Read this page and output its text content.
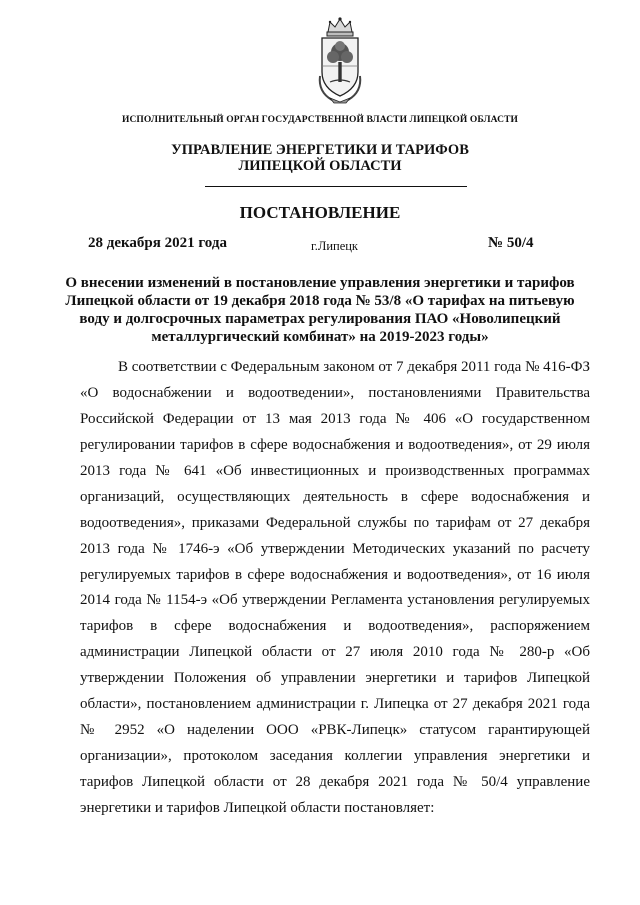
ИСПОЛНИТЕЛЬНЫЙ ОРГАН ГОСУДАРСТВЕННОЙ ВЛАСТИ ЛИПЕЦКОЙ ОБЛАСТИ
УПРАВЛЕНИЕ ЭНЕРГЕТИКИ И ТАРИФОВ
ЛИПЕЦКОЙ ОБЛАСТИ
ПОСТАНОВЛЕНИЕ
28 декабря 2021 года	г.Липецк	№ 50/4
О внесении изменений в постановление управления энергетики и тарифов
Липецкой области от 19 декабря 2018 года № 53/8 «О тарифах на питьевую
воду и долгосрочных параметрах регулирования ПАО «Новолипецкий
металлургический комбинат» на 2019-2023 годы»
В соответствии с Федеральным законом от 7 декабря 2011 года № 416-ФЗ
«О водоснабжении и водоотведении», постановлениями Правительства
Российской Федерации от 13 мая 2013 года № 406 «О государственном
регулировании тарифов в сфере водоснабжения и водоотведения», от 29 июля
2013 года № 641 «Об инвестиционных и производственных программах
организаций, осуществляющих деятельность в сфере водоснабжения и
водоотведения», приказами Федеральной службы по тарифам от 27 декабря
2013 года № 1746-э «Об утверждении Методических указаний по расчету
регулируемых тарифов в сфере водоснабжения и водоотведения», от 16 июля
2014 года № 1154-э «Об утверждении Регламента установления регулируемых
тарифов в сфере водоснабжения и водоотведения», распоряжением
администрации Липецкой области от 27 июля 2010 года № 280-р «Об
утверждении Положения об управлении энергетики и тарифов Липецкой
области», постановлением администрации г. Липецка от 27 декабря 2021 года
№ 2952 «О наделении ООО «РВК-Липецк» статусом гарантирующей
организации», протоколом заседания коллегии управления энергетики и
тарифов Липецкой области от 28 декабря 2021 года № 50/4 управление
энергетики и тарифов Липецкой области постановляет:
